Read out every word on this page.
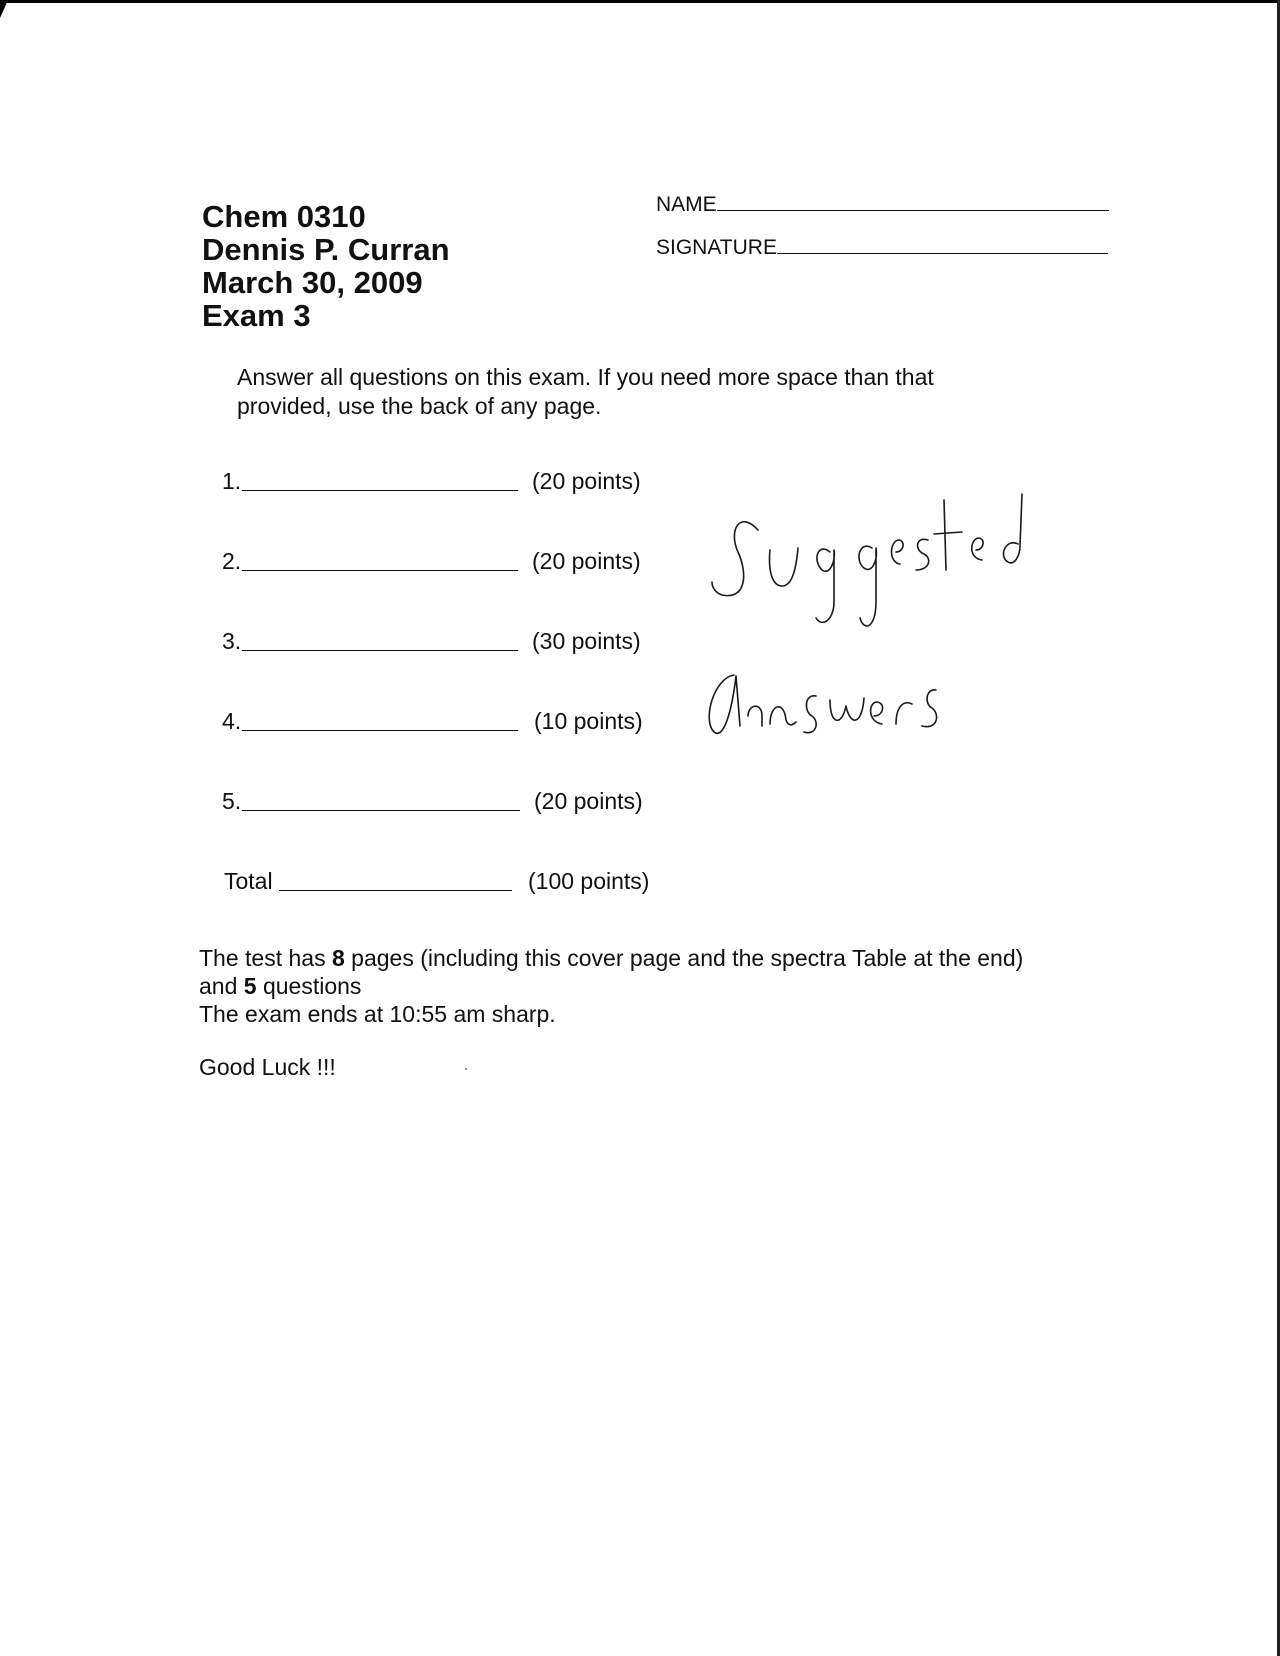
Chem 0310
Dennis P. Curran
March 30, 2009
Exam 3
NAME
SIGNATURE
Answer all questions on this exam. If you need more space than that provided, use the back of any page.
1.	(20 points)
2.	(20 points)
3.	(30 points)
4.	(10 points)
5.	(20 points)
Total	(100 points)
The test has 8 pages (including this cover page and the spectra Table at the end)
and 5 questions
The exam ends at 10:55 am sharp.
Good Luck !!!
